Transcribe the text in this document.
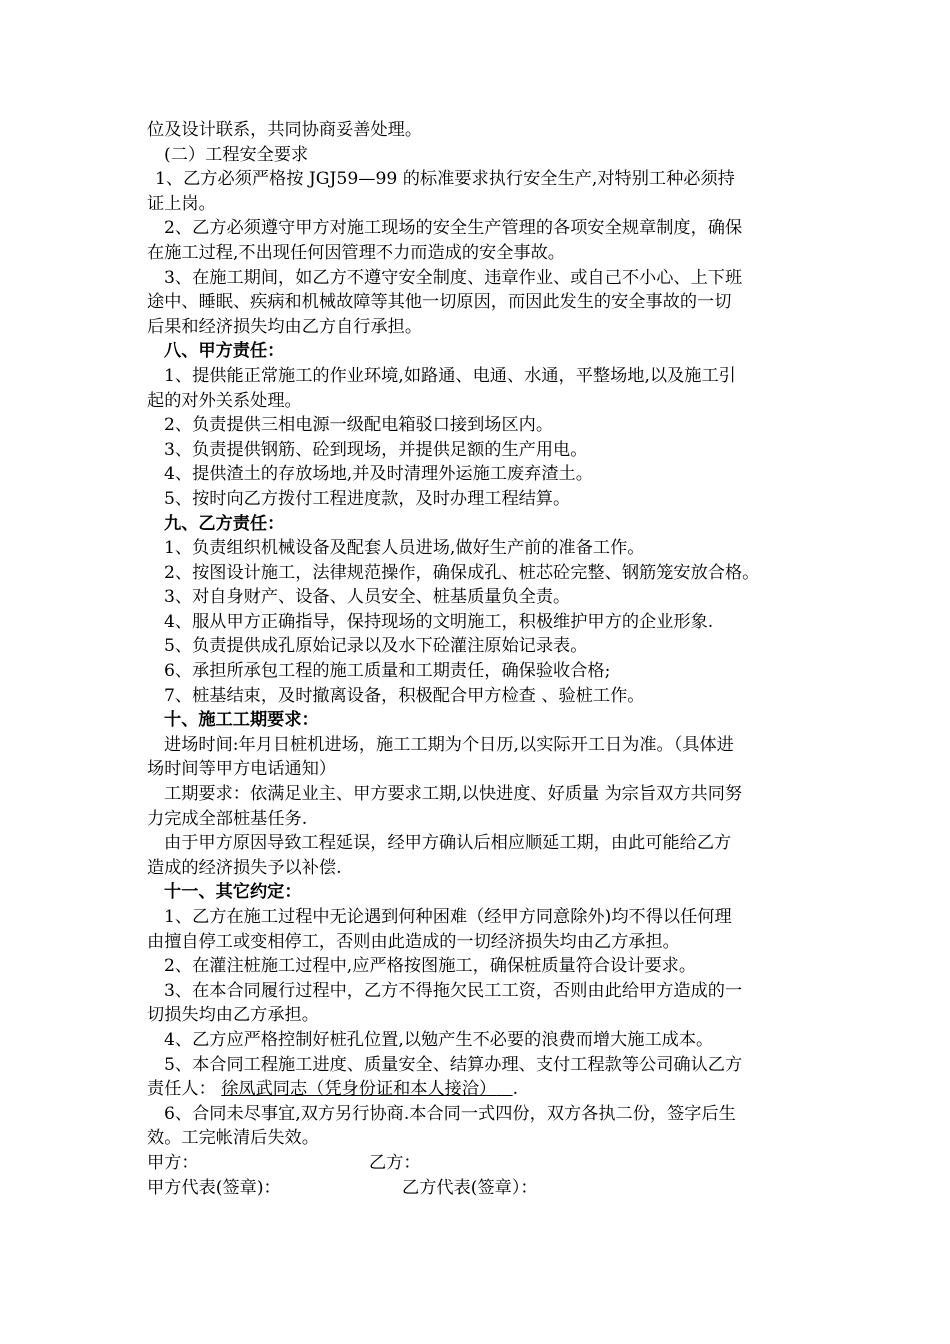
位及设计联系，共同协商妥善处理。
(二）工程安全要求
1、乙方必须严格按 JGJ59—99 的标准要求执行安全生产,对特别工种必须持
证上岗。
2、乙方必须遵守甲方对施工现场的安全生产管理的各项安全规章制度，确保
在施工过程,不出现任何因管理不力而造成的安全事故。
3、在施工期间，如乙方不遵守安全制度、违章作业、或自己不小心、上下班
途中、睡眠、疾病和机械故障等其他一切原因，而因此发生的安全事故的一切
后果和经济损失均由乙方自行承担。
八、甲方责任：
1、提供能正常施工的作业环境,如路通、电通、水通，平整场地,以及施工引
起的对外关系处理。
2、负责提供三相电源一级配电箱驳口接到场区内。
3、负责提供钢筋、砼到现场，并提供足额的生产用电。
4、提供渣土的存放场地,并及时清理外运施工废弃渣土。
5、按时向乙方拨付工程进度款，及时办理工程结算。
九、乙方责任：
1、负责组织机械设备及配套人员进场,做好生产前的准备工作。
2、按图设计施工，法律规范操作，确保成孔、桩芯砼完整、钢筋笼安放合格。
3、对自身财产、设备、人员安全、桩基质量负全责。
4、服从甲方正确指导，保持现场的文明施工，积极维护甲方的企业形象.
5、负责提供成孔原始记录以及水下砼灌注原始记录表。
6、承担所承包工程的施工质量和工期责任，确保验收合格;
7、桩基结束，及时撤离设备，积极配合甲方检查 、验桩工作。
十、施工工期要求：
进场时间:年月日桩机进场，施工工期为个日历,以实际开工日为准。（具体进
场时间等甲方电话通知）
工期要求：依满足业主、甲方要求工期,以快进度、好质量 为宗旨双方共同努
力完成全部桩基任务.
由于甲方原因导致工程延误，经甲方确认后相应顺延工期，由此可能给乙方
造成的经济损失予以补偿.
十一、其它约定：
1、乙方在施工过程中无论遇到何种困难（经甲方同意除外)均不得以任何理
由擅自停工或变相停工，否则由此造成的一切经济损失均由乙方承担。
2、在灌注桩施工过程中,应严格按图施工，确保桩质量符合设计要求。
3、在本合同履行过程中，乙方不得拖欠民工工资，否则由此给甲方造成的一
切损失均由乙方承担。
4、乙方应严格控制好桩孔位置,以勉产生不必要的浪费而增大施工成本。
5、本合同工程施工进度、质量安全、结算办理、支付工程款等公司确认乙方
责任人： 徐凤武同志（凭身份证和本人接洽） .
6、合同未尽事宜,双方另行协商.本合同一式四份，双方各执二份，签字后生
效。工完帐清后失效。
甲方：	乙方：
甲方代表(签章)：	乙方代表(签章）：
